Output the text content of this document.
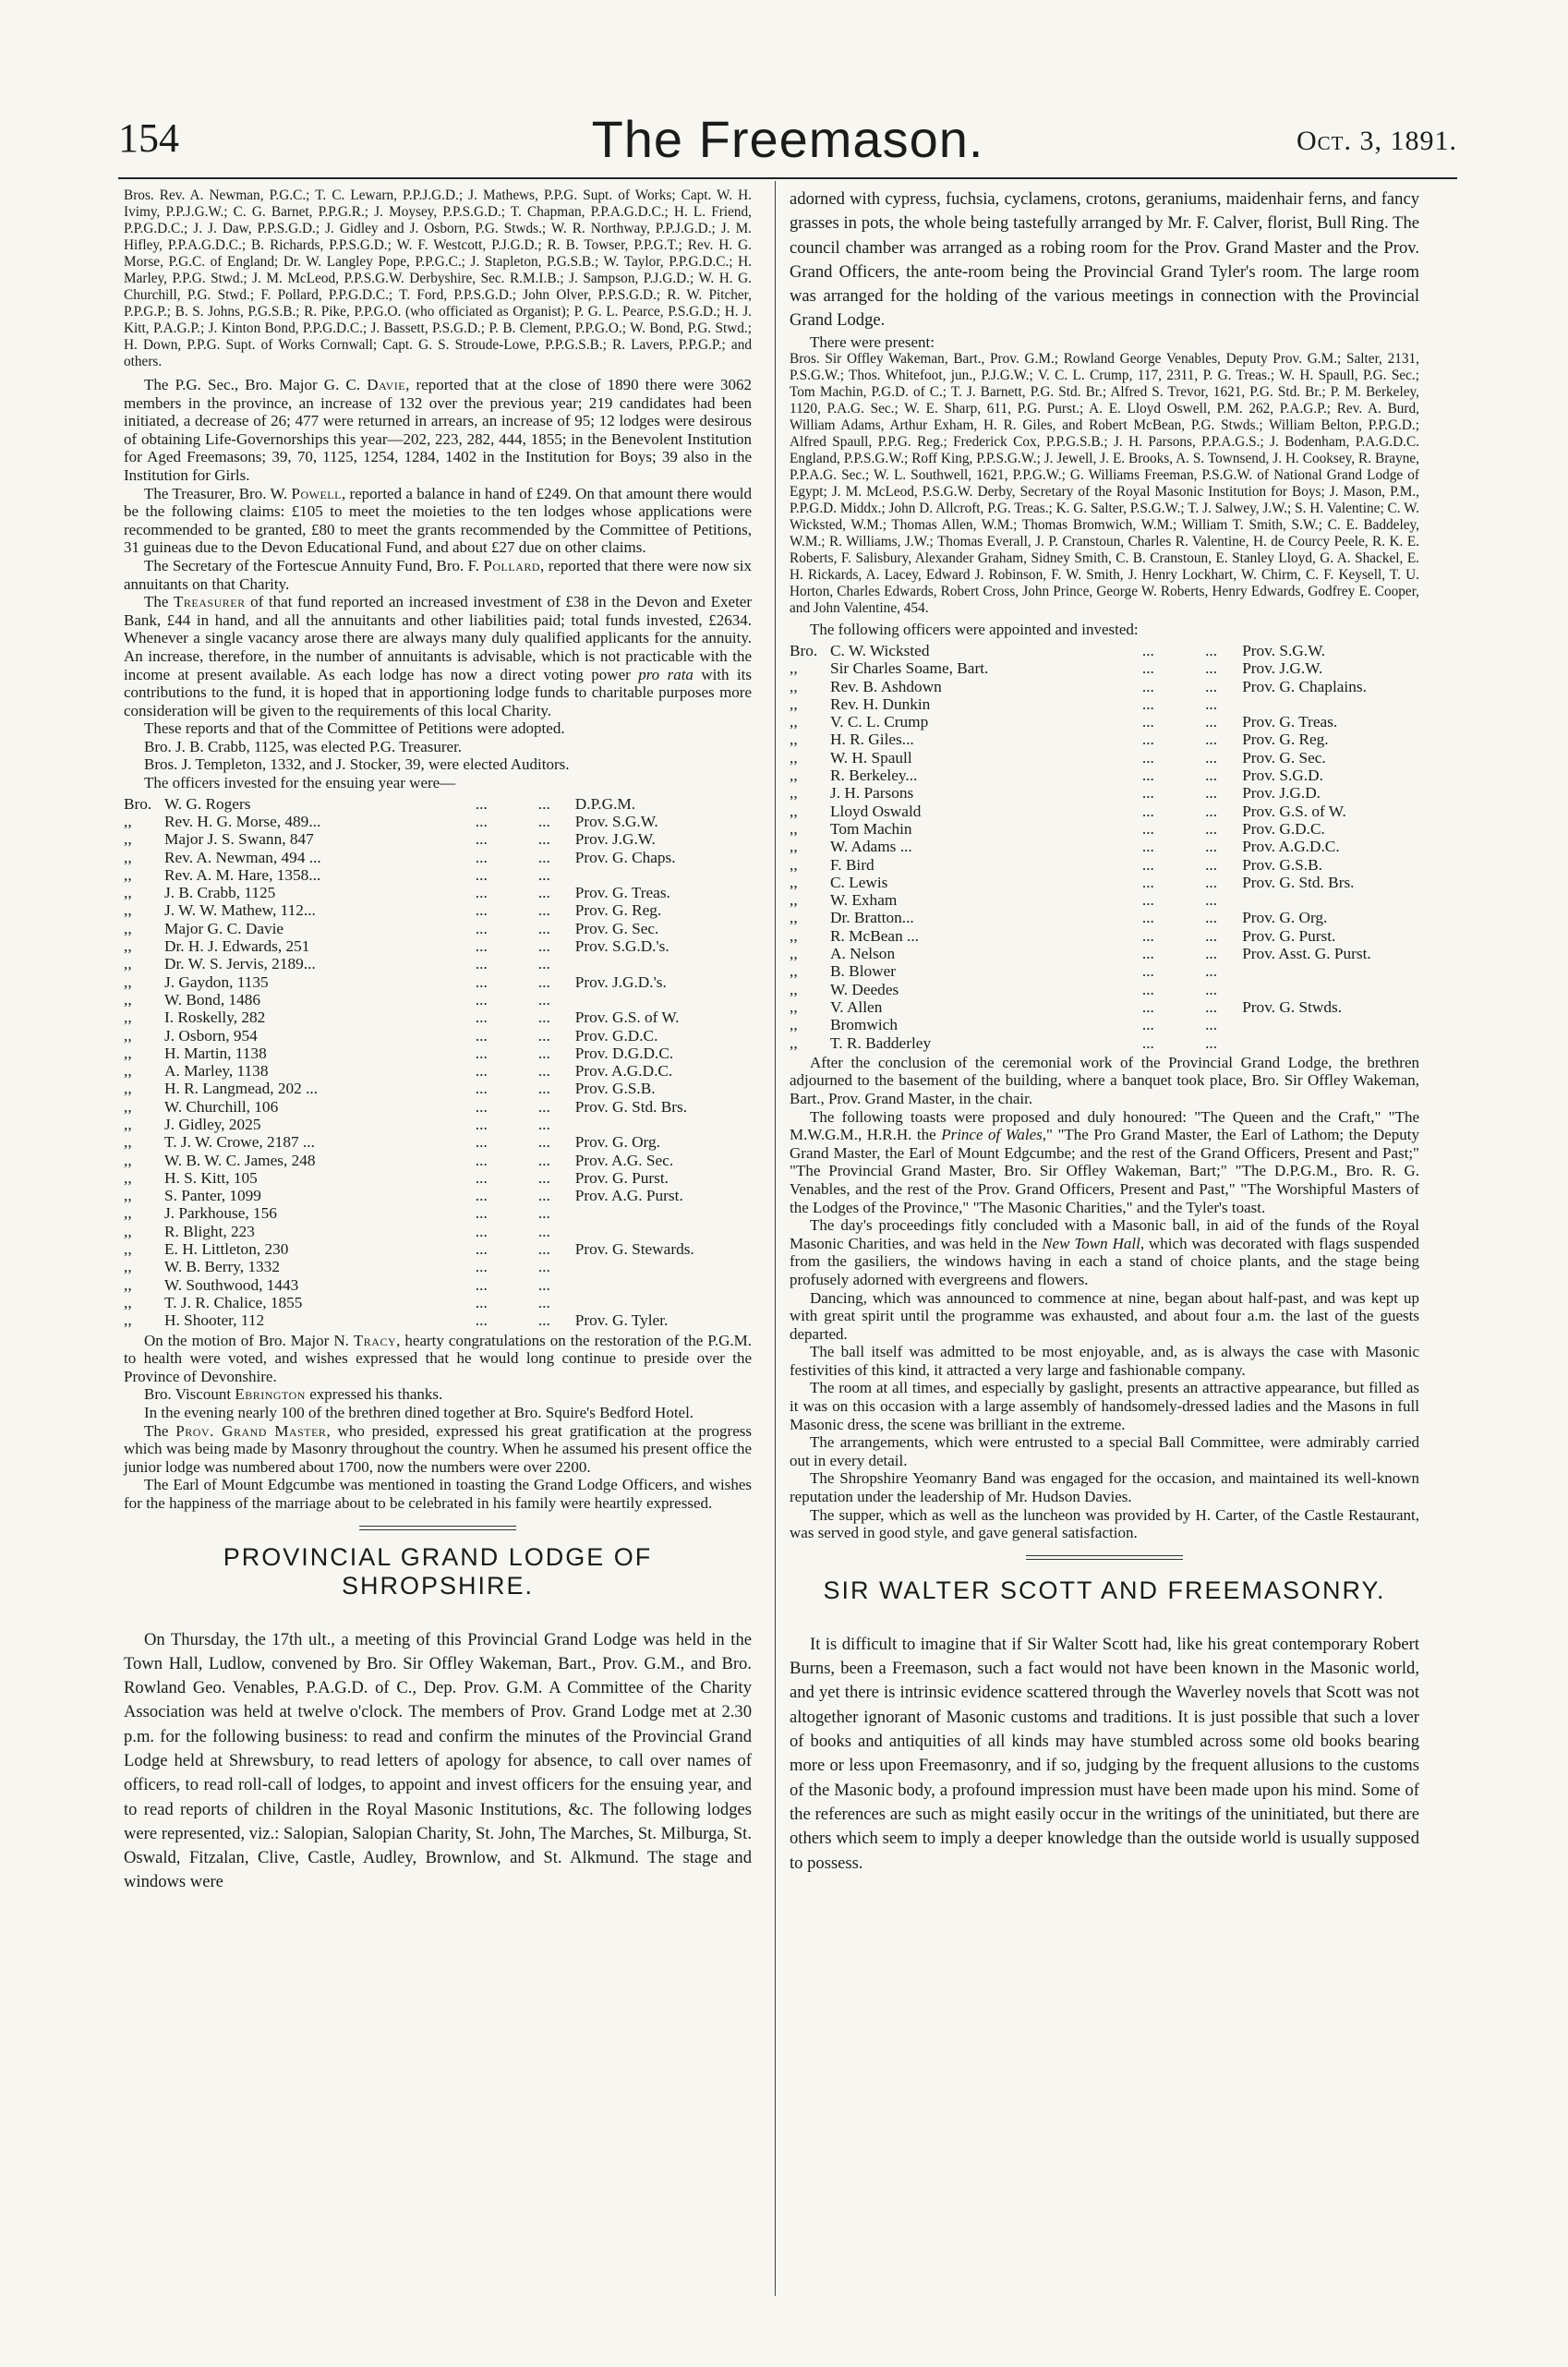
154	The Freemason.	Oct. 3, 1891.

Bros. Rev. A. Newman, P.G.C.; T. C. Lewarn, P.P.J.G.D.; J. Mathews, P.P.G. Supt. of Works; Capt. W. H. Ivimy, P.P.J.G.W.; C. G. Barnet, P.P.G.R.; J. Moysey, P.P.S.G.D.; T. Chapman, P.P.A.G.D.C.; H. L. Friend, P.P.G.D.C.; J. J. Daw, P.P.S.G.D.; J. Gidley and J. Osborn, P.G. Stwds.; W. R. Northway, P.P.J.G.D.; J. M. Hifley, P.P.A.G.D.C.; B. Richards, P.P.S.G.D.; W. F. Westcott, P.J.G.D.; R. B. Towser, P.P.G.T.; Rev. H. G. Morse, P.G.C. of England; Dr. W. Langley Pope, P.P.G.C.; J. Stapleton, P.G.S.B.; W. Taylor, P.P.G.D.C.; H. Marley, P.P.G. Stwd.; J. M. McLeod, P.P.S.G.W. Derbyshire, Sec. R.M.I.B.; J. Sampson, P.J.G.D.; W. H. G. Churchill, P.G. Stwd.; F. Pollard, P.P.G.D.C.; T. Ford, P.P.S.G.D.; John Olver, P.P.S.G.D.; R. W. Pitcher, P.P.G.P.; B. S. Johns, P.G.S.B.; R. Pike, P.P.G.O. (who officiated as Organist); P. G. L. Pearce, P.S.G.D.; H. J. Kitt, P.A.G.P.; J. Kinton Bond, P.P.G.D.C.; J. Bassett, P.S.G.D.; P. B. Clement, P.P.G.O.; W. Bond, P.G. Stwd.; H. Down, P.P.G. Supt. of Works Cornwall; Capt. G. S. Stroude-Lowe, P.P.G.S.B.; R. Lavers, P.P.G.P.; and others.

The P.G. Sec., Bro. Major G. C. Davie, reported that at the close of 1890 there were 3062 members in the province, an increase of 132 over the previous year; 219 candidates had been initiated, a decrease of 26; 477 were returned in arrears, an increase of 95; 12 lodges were desirous of obtaining Life-Governorships this year—202, 223, 282, 444, 1855; in the Benevolent Institution for Aged Freemasons; 39, 70, 1125, 1254, 1284, 1402 in the Institution for Boys; 39 also in the Institution for Girls.

The Treasurer, Bro. W. Powell, reported a balance in hand of £249. On that amount there would be the following claims: £105 to meet the moieties to the ten lodges whose applications were recommended to be granted, £80 to meet the grants recommended by the Committee of Petitions, 31 guineas due to the Devon Educational Fund, and about £27 due on other claims.

The Secretary of the Fortescue Annuity Fund, Bro. F. Pollard, reported that there were now six annuitants on that Charity.

The Treasurer of that fund reported an increased investment of £38 in the Devon and Exeter Bank, £44 in hand, and all the annuitants and other liabilities paid; total funds invested, £2634. Whenever a single vacancy arose there are always many duly qualified applicants for the annuity. An increase, therefore, in the number of annuitants is advisable, which is not practicable with the income at present available. As each lodge has now a direct voting power pro rata with its contributions to the fund, it is hoped that in apportioning lodge funds to charitable purposes more consideration will be given to the requirements of this local Charity.

These reports and that of the Committee of Petitions were adopted.

Bro. J. B. Crabb, 1125, was elected P.G. Treasurer.

Bros. J. Templeton, 1332, and J. Stocker, 39, were elected Auditors.

The officers invested for the ensuing year were—

Bro. W. G. Rogers	...	...	D.P.G.M.
,, Rev. H. G. Morse, 489...	...	...	Prov. S.G.W.
,, Major J. S. Swann, 847	...	...	Prov. J.G.W.
,, Rev. A. Newman, 494 ...	...	...	Prov. G. Chaps.
,, Rev. A. M. Hare, 1358...	...	...	
,, J. B. Crabb, 1125	...	...	Prov. G. Treas.
,, J. W. W. Mathew, 112...	...	...	Prov. G. Reg.
,, Major G. C. Davie	...	...	Prov. G. Sec.
,, Dr. H. J. Edwards, 251	...	...	Prov. S.G.D.'s.
,, Dr. W. S. Jervis, 2189...	...	...	
,, J. Gaydon, 1135	...	...	Prov. J.G.D.'s.
,, W. Bond, 1486	...	...	
,, I. Roskelly, 282	...	...	Prov. G.S. of W.
,, J. Osborn, 954	...	...	Prov. G.D.C.
,, H. Martin, 1138	...	...	Prov. D.G.D.C.
,, A. Marley, 1138	...	...	Prov. A.G.D.C.
,, H. R. Langmead, 202 ...	...	...	Prov. G.S.B.
,, W. Churchill, 106	...	...	Prov. G. Std. Brs.
,, J. Gidley, 2025	...	...	
,, T. J. W. Crowe, 2187 ...	...	...	Prov. G. Org.
,, W. B. W. C. James, 248	...	...	Prov. A.G. Sec.
,, H. S. Kitt, 105	...	...	Prov. G. Purst.
,, S. Panter, 1099	...	...	Prov. A.G. Purst.
,, J. Parkhouse, 156	...	...	
,, R. Blight, 223	...	...	
,, E. H. Littleton, 230	...	...	Prov. G. Stewards.
,, W. B. Berry, 1332	...	...	
,, W. Southwood, 1443	...	...	
,, T. J. R. Chalice, 1855	...	...	
,, H. Shooter, 112	...	...	Prov. G. Tyler.

On the motion of Bro. Major N. Tracy, hearty congratulations on the restoration of the P.G.M. to health were voted, and wishes expressed that he would long continue to preside over the Province of Devonshire.

Bro. Viscount Ebrington expressed his thanks.

In the evening nearly 100 of the brethren dined together at Bro. Squire's Bedford Hotel.

The Prov. Grand Master, who presided, expressed his great gratification at the progress which was being made by Masonry throughout the country. When he assumed his present office the junior lodge was numbered about 1700, now the numbers were over 2200.

The Earl of Mount Edgcumbe was mentioned in toasting the Grand Lodge Officers, and wishes for the happiness of the marriage about to be celebrated in his family were heartily expressed.

PROVINCIAL GRAND LODGE OF SHROPSHIRE.

On Thursday, the 17th ult., a meeting of this Provincial Grand Lodge was held in the Town Hall, Ludlow, convened by Bro. Sir Offley Wakeman, Bart., Prov. G.M., and Bro. Rowland Geo. Venables, P.A.G.D. of C., Dep. Prov. G.M. A Committee of the Charity Association was held at twelve o'clock. The members of Prov. Grand Lodge met at 2.30 p.m. for the following business: to read and confirm the minutes of the Provincial Grand Lodge held at Shrewsbury, to read letters of apology for absence, to call over names of officers, to read roll-call of lodges, to appoint and invest officers for the ensuing year, and to read reports of children in the Royal Masonic Institutions, &c. The following lodges were represented, viz.: Salopian, Salopian Charity, St. John, The Marches, St. Milburga, St. Oswald, Fitzalan, Clive, Castle, Audley, Brownlow, and St. Alkmund. The stage and windows were

adorned with cypress, fuchsia, cyclamens, crotons, geraniums, maidenhair ferns, and fancy grasses in pots, the whole being tastefully arranged by Mr. F. Calver, florist, Bull Ring. The council chamber was arranged as a robing room for the Prov. Grand Master and the Prov. Grand Officers, the ante-room being the Provincial Grand Tyler's room. The large room was arranged for the holding of the various meetings in connection with the Provincial Grand Lodge.

There were present:

Bros. Sir Offley Wakeman, Bart., Prov. G.M.; Rowland George Venables, Deputy Prov. G.M.; Salter, 2131, P.S.G.W.; Thos. Whitefoot, jun., P.J.G.W.; V. C. L. Crump, 117, 2311, P. G. Treas.; W. H. Spaull, P.G. Sec.; Tom Machin, P.G.D. of C.; T. J. Barnett, P.G. Std. Br.; Alfred S. Trevor, 1621, P.G. Std. Br.; P. M. Berkeley, 1120, P.A.G. Sec.; W. E. Sharp, 611, P.G. Purst.; A. E. Lloyd Oswell, P.M. 262, P.A.G.P.; Rev. A. Burd, William Adams, Arthur Exham, H. R. Giles, and Robert McBean, P.G. Stwds.; William Belton, P.P.G.D.; Alfred Spaull, P.P.G. Reg.; Frederick Cox, P.P.G.S.B.; J. H. Parsons, P.P.A.G.S.; J. Bodenham, P.A.G.D.C. England, P.P.S.G.W.; Roff King, P.P.S.G.W.; J. Jewell, J. E. Brooks, A. S. Townsend, J. H. Cooksey, R. Brayne, P.P.A.G. Sec.; W. L. Southwell, 1621, P.P.G.W.; G. Williams Freeman, P.S.G.W. of National Grand Lodge of Egypt; J. M. McLeod, P.S.G.W. Derby, Secretary of the Royal Masonic Institution for Boys; J. Mason, P.M., P.P.G.D. Middx.; John D. Allcroft, P.G. Treas.; K. G. Salter, P.S.G.W.; T. J. Salwey, J.W.; S. H. Valentine; C. W. Wicksted, W.M.; Thomas Allen, W.M.; Thomas Bromwich, W.M.; William T. Smith, S.W.; C. E. Baddeley, W.M.; R. Williams, J.W.; Thomas Everall, J. P. Cranstoun, Charles R. Valentine, H. de Courcy Peele, R. K. E. Roberts, F. Salisbury, Alexander Graham, Sidney Smith, C. B. Cranstoun, E. Stanley Lloyd, G. A. Shackel, E. H. Rickards, A. Lacey, Edward J. Robinson, F. W. Smith, J. Henry Lockhart, W. Chirm, C. F. Keysell, T. U. Horton, Charles Edwards, Robert Cross, John Prince, George W. Roberts, Henry Edwards, Godfrey E. Cooper, and John Valentine, 454.

The following officers were appointed and invested:

Bro. C. W. Wicksted	...	...	Prov. S.G.W.
,, Sir Charles Soame, Bart.	...	...	Prov. J.G.W.
,, Rev. B. Ashdown	...	...	Prov. G. Chaplains.
,, Rev. H. Dunkin	...	...	
,, V. C. L. Crump	...	...	Prov. G. Treas.
,, H. R. Giles...	...	...	Prov. G. Reg.
,, W. H. Spaull	...	...	Prov. G. Sec.
,, R. Berkeley...	...	...	Prov. S.G.D.
,, J. H. Parsons	...	...	Prov. J.G.D.
,, Lloyd Oswald	...	...	Prov. G.S. of W.
,, Tom Machin	...	...	Prov. G.D.C.
,, W. Adams ...	...	...	Prov. A.G.D.C.
,, F. Bird	...	...	Prov. G.S.B.
,, C. Lewis	...	...	Prov. G. Std. Brs.
,, W. Exham	...	...	
,, Dr. Bratton...	...	...	Prov. G. Org.
,, R. McBean ...	...	...	Prov. G. Purst.
,, A. Nelson	...	...	Prov. Asst. G. Purst.
,, B. Blower	...	...	
,, W. Deedes	...	...	
,, V. Allen	...	...	Prov. G. Stwds.
,, Bromwich	...	...	
,, T. R. Badderley	...	...	

After the conclusion of the ceremonial work of the Provincial Grand Lodge, the brethren adjourned to the basement of the building, where a banquet took place, Bro. Sir Offley Wakeman, Bart., Prov. Grand Master, in the chair.

The following toasts were proposed and duly honoured: "The Queen and the Craft," "The M.W.G.M., H.R.H. the Prince of Wales," "The Pro Grand Master, the Earl of Lathom; the Deputy Grand Master, the Earl of Mount Edgcumbe; and the rest of the Grand Officers, Present and Past;" "The Provincial Grand Master, Bro. Sir Offley Wakeman, Bart;" "The D.P.G.M., Bro. R. G. Venables, and the rest of the Prov. Grand Officers, Present and Past," "The Worshipful Masters of the Lodges of the Province," "The Masonic Charities," and the Tyler's toast.

The day's proceedings fitly concluded with a Masonic ball, in aid of the funds of the Royal Masonic Charities, and was held in the New Town Hall, which was decorated with flags suspended from the gasiliers, the windows having in each a stand of choice plants, and the stage being profusely adorned with evergreens and flowers.

Dancing, which was announced to commence at nine, began about half-past, and was kept up with great spirit until the programme was exhausted, and about four a.m. the last of the guests departed.

The ball itself was admitted to be most enjoyable, and, as is always the case with Masonic festivities of this kind, it attracted a very large and fashionable company.

The room at all times, and especially by gaslight, presents an attractive appearance, but filled as it was on this occasion with a large assembly of handsomely-dressed ladies and the Masons in full Masonic dress, the scene was brilliant in the extreme.

The arrangements, which were entrusted to a special Ball Committee, were admirably carried out in every detail.

The Shropshire Yeomanry Band was engaged for the occasion, and maintained its well-known reputation under the leadership of Mr. Hudson Davies.

The supper, which as well as the luncheon was provided by H. Carter, of the Castle Restaurant, was served in good style, and gave general satisfaction.

SIR WALTER SCOTT AND FREEMASONRY.

It is difficult to imagine that if Sir Walter Scott had, like his great contemporary Robert Burns, been a Freemason, such a fact would not have been known in the Masonic world, and yet there is intrinsic evidence scattered through the Waverley novels that Scott was not altogether ignorant of Masonic customs and traditions. It is just possible that such a lover of books and antiquities of all kinds may have stumbled across some old books bearing more or less upon Freemasonry, and if so, judging by the frequent allusions to the customs of the Masonic body, a profound impression must have been made upon his mind. Some of the references are such as might easily occur in the writings of the uninitiated, but there are others which seem to imply a deeper knowledge than the outside world is usually supposed to possess.
